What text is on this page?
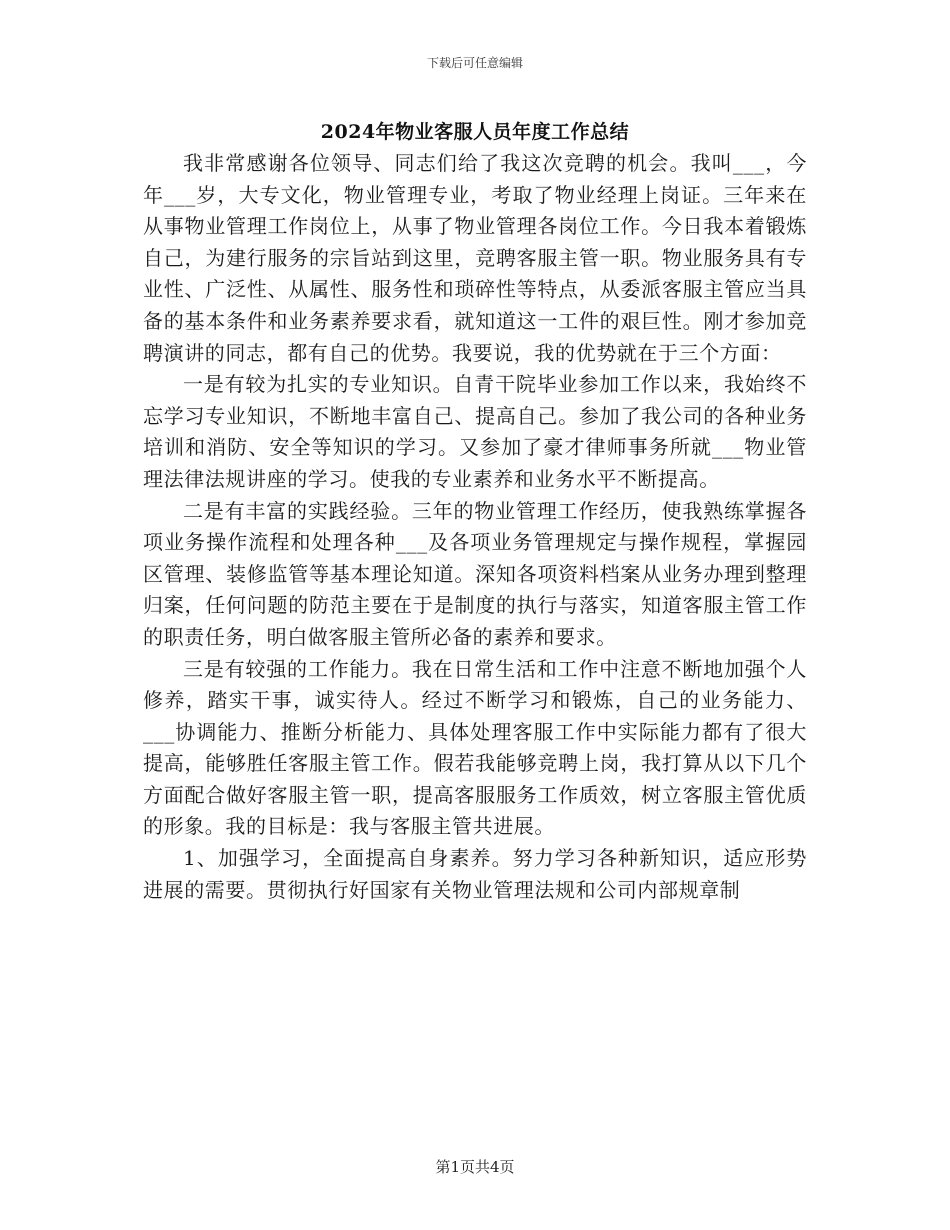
下载后可任意编辑
2024年物业客服人员年度工作总结

我非常感谢各位领导、同志们给了我这次竞聘的机会。我叫___，今年___岁，大专文化，物业管理专业，考取了物业经理上岗证。三年来在从事物业管理工作岗位上，从事了物业管理各岗位工作。今日我本着锻炼自己，为建行服务的宗旨站到这里，竞聘客服主管一职。物业服务具有专业性、广泛性、从属性、服务性和琐碎性等特点，从委派客服主管应当具备的基本条件和业务素养要求看，就知道这一工件的艰巨性。刚才参加竞聘演讲的同志，都有自己的优势。我要说，我的优势就在于三个方面：

一是有较为扎实的专业知识。自青干院毕业参加工作以来，我始终不忘学习专业知识，不断地丰富自己、提高自己。参加了我公司的各种业务培训和消防、安全等知识的学习。又参加了豪才律师事务所就___物业管理法律法规讲座的学习。使我的专业素养和业务水平不断提高。

二是有丰富的实践经验。三年的物业管理工作经历，使我熟练掌握各项业务操作流程和处理各种___及各项业务管理规定与操作规程，掌握园区管理、装修监管等基本理论知道。深知各项资料档案从业务办理到整理归案，任何问题的防范主要在于是制度的执行与落实，知道客服主管工作的职责任务，明白做客服主管所必备的素养和要求。

三是有较强的工作能力。我在日常生活和工作中注意不断地加强个人修养，踏实干事，诚实待人。经过不断学习和锻炼，自己的业务能力、___协调能力、推断分析能力、具体处理客服工作中实际能力都有了很大提高，能够胜任客服主管工作。假若我能够竞聘上岗，我打算从以下几个方面配合做好客服主管一职，提高客服服务工作质效，树立客服主管优质的形象。我的目标是：我与客服主管共进展。

1、加强学习，全面提高自身素养。努力学习各种新知识，适应形势进展的需要。贯彻执行好国家有关物业管理法规和公司内部规章制

第1页共4页
